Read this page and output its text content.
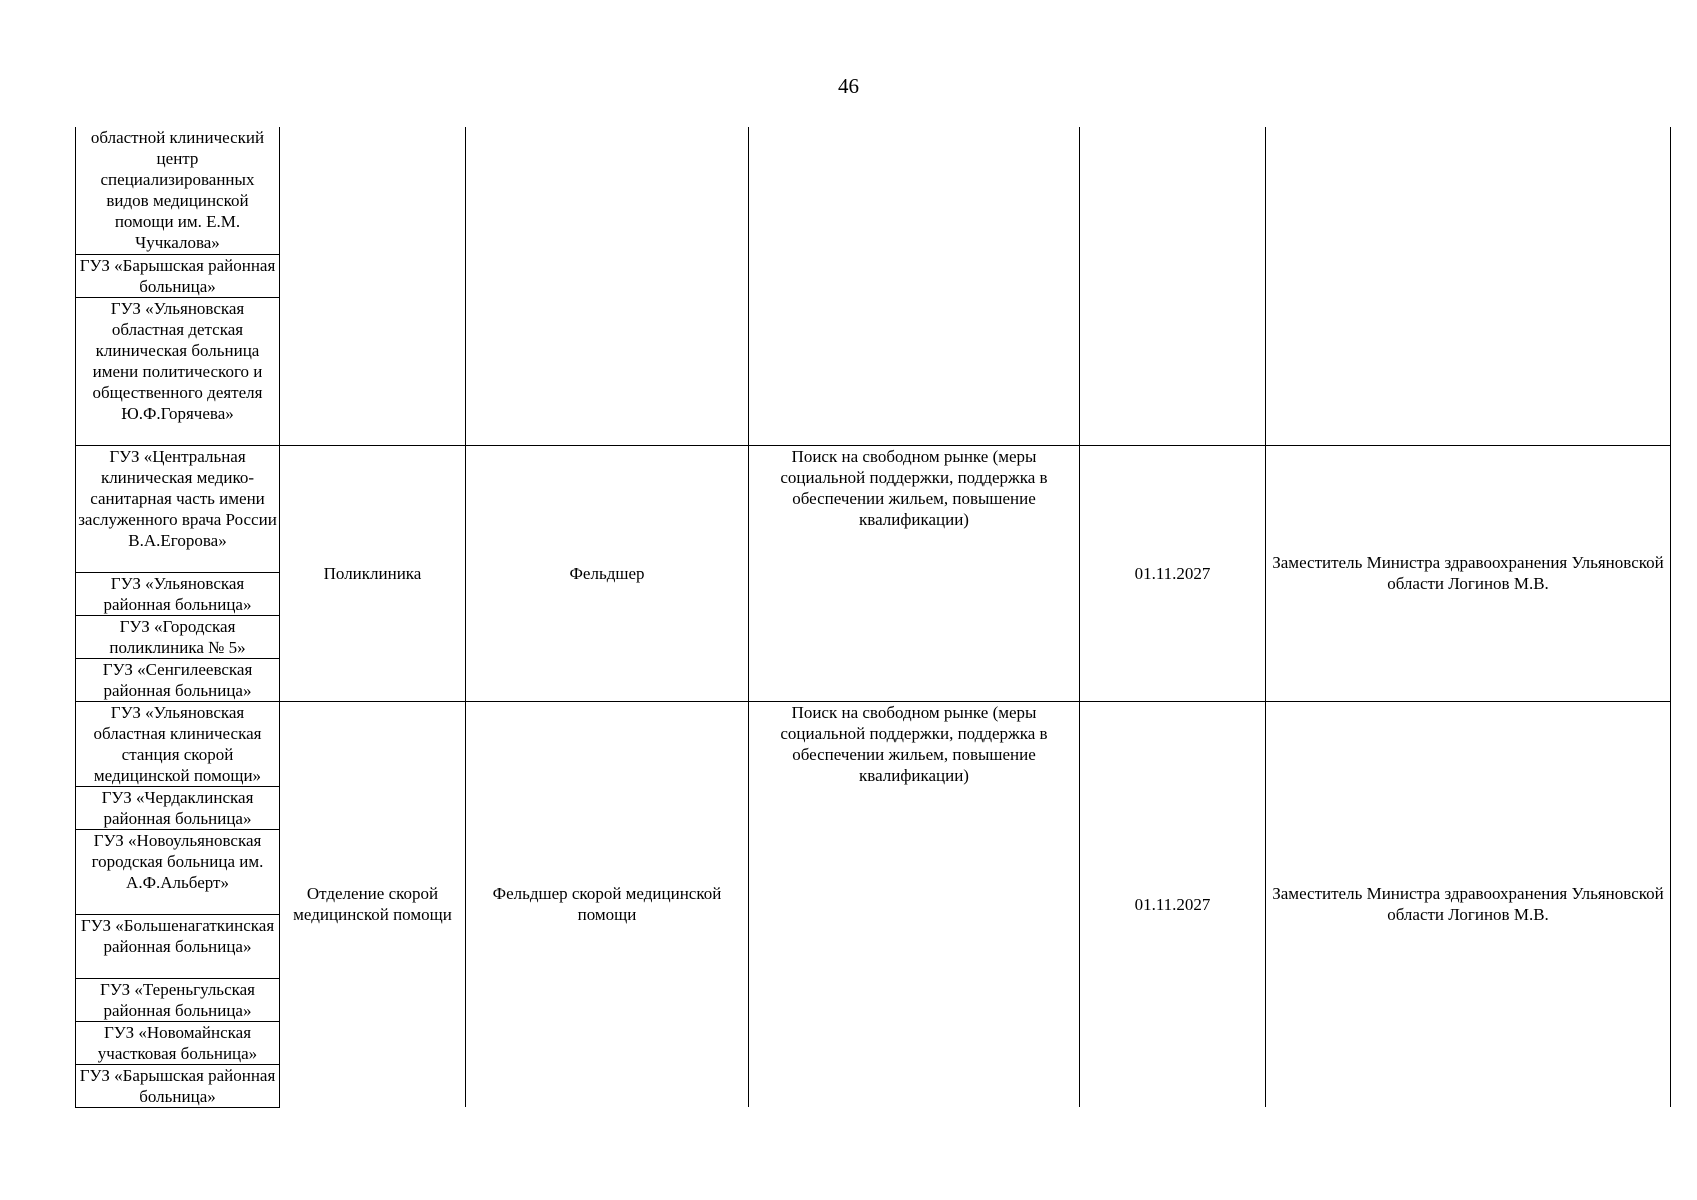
46
областной клинический центр специализированных видов медицинской помощи им. Е.М. Чучкалова»					
ГУЗ «Барышская районная больница»					
ГУЗ «Ульяновская областная детская клиническая больница имени политического и общественного деятеля Ю.Ф.Горячева»					
ГУЗ «Центральная клиническая медико-санитарная часть имени заслуженного врача России В.А.Егорова»	Поликлиника	Фельдшер	Поиск на свободном рынке (меры социальной поддержки, поддержка в обеспечении жильем, повышение квалификации)	01.11.2027	Заместитель Министра здравоохранения Ульяновской области Логинов М.В.
ГУЗ «Ульяновская районная больница»					
ГУЗ «Городская поликлиника № 5»					
ГУЗ «Сенгилеевская районная больница»					
ГУЗ «Ульяновская областная клиническая станция скорой медицинской помощи»	Отделение скорой медицинской помощи	Фельдшер скорой медицинской помощи	Поиск на свободном рынке (меры социальной поддержки, поддержка в обеспечении жильем, повышение квалификации)	01.11.2027	Заместитель Министра здравоохранения Ульяновской области Логинов М.В.
ГУЗ «Чердаклинская районная больница»					
ГУЗ «Новоульяновская городская больница им. А.Ф.Альберт»					
ГУЗ «Большенагаткинская районная больница»					
ГУЗ «Тереньгульская районная больница»					
ГУЗ «Новомайнская участковая больница»					
ГУЗ «Барышская районная больница»					
